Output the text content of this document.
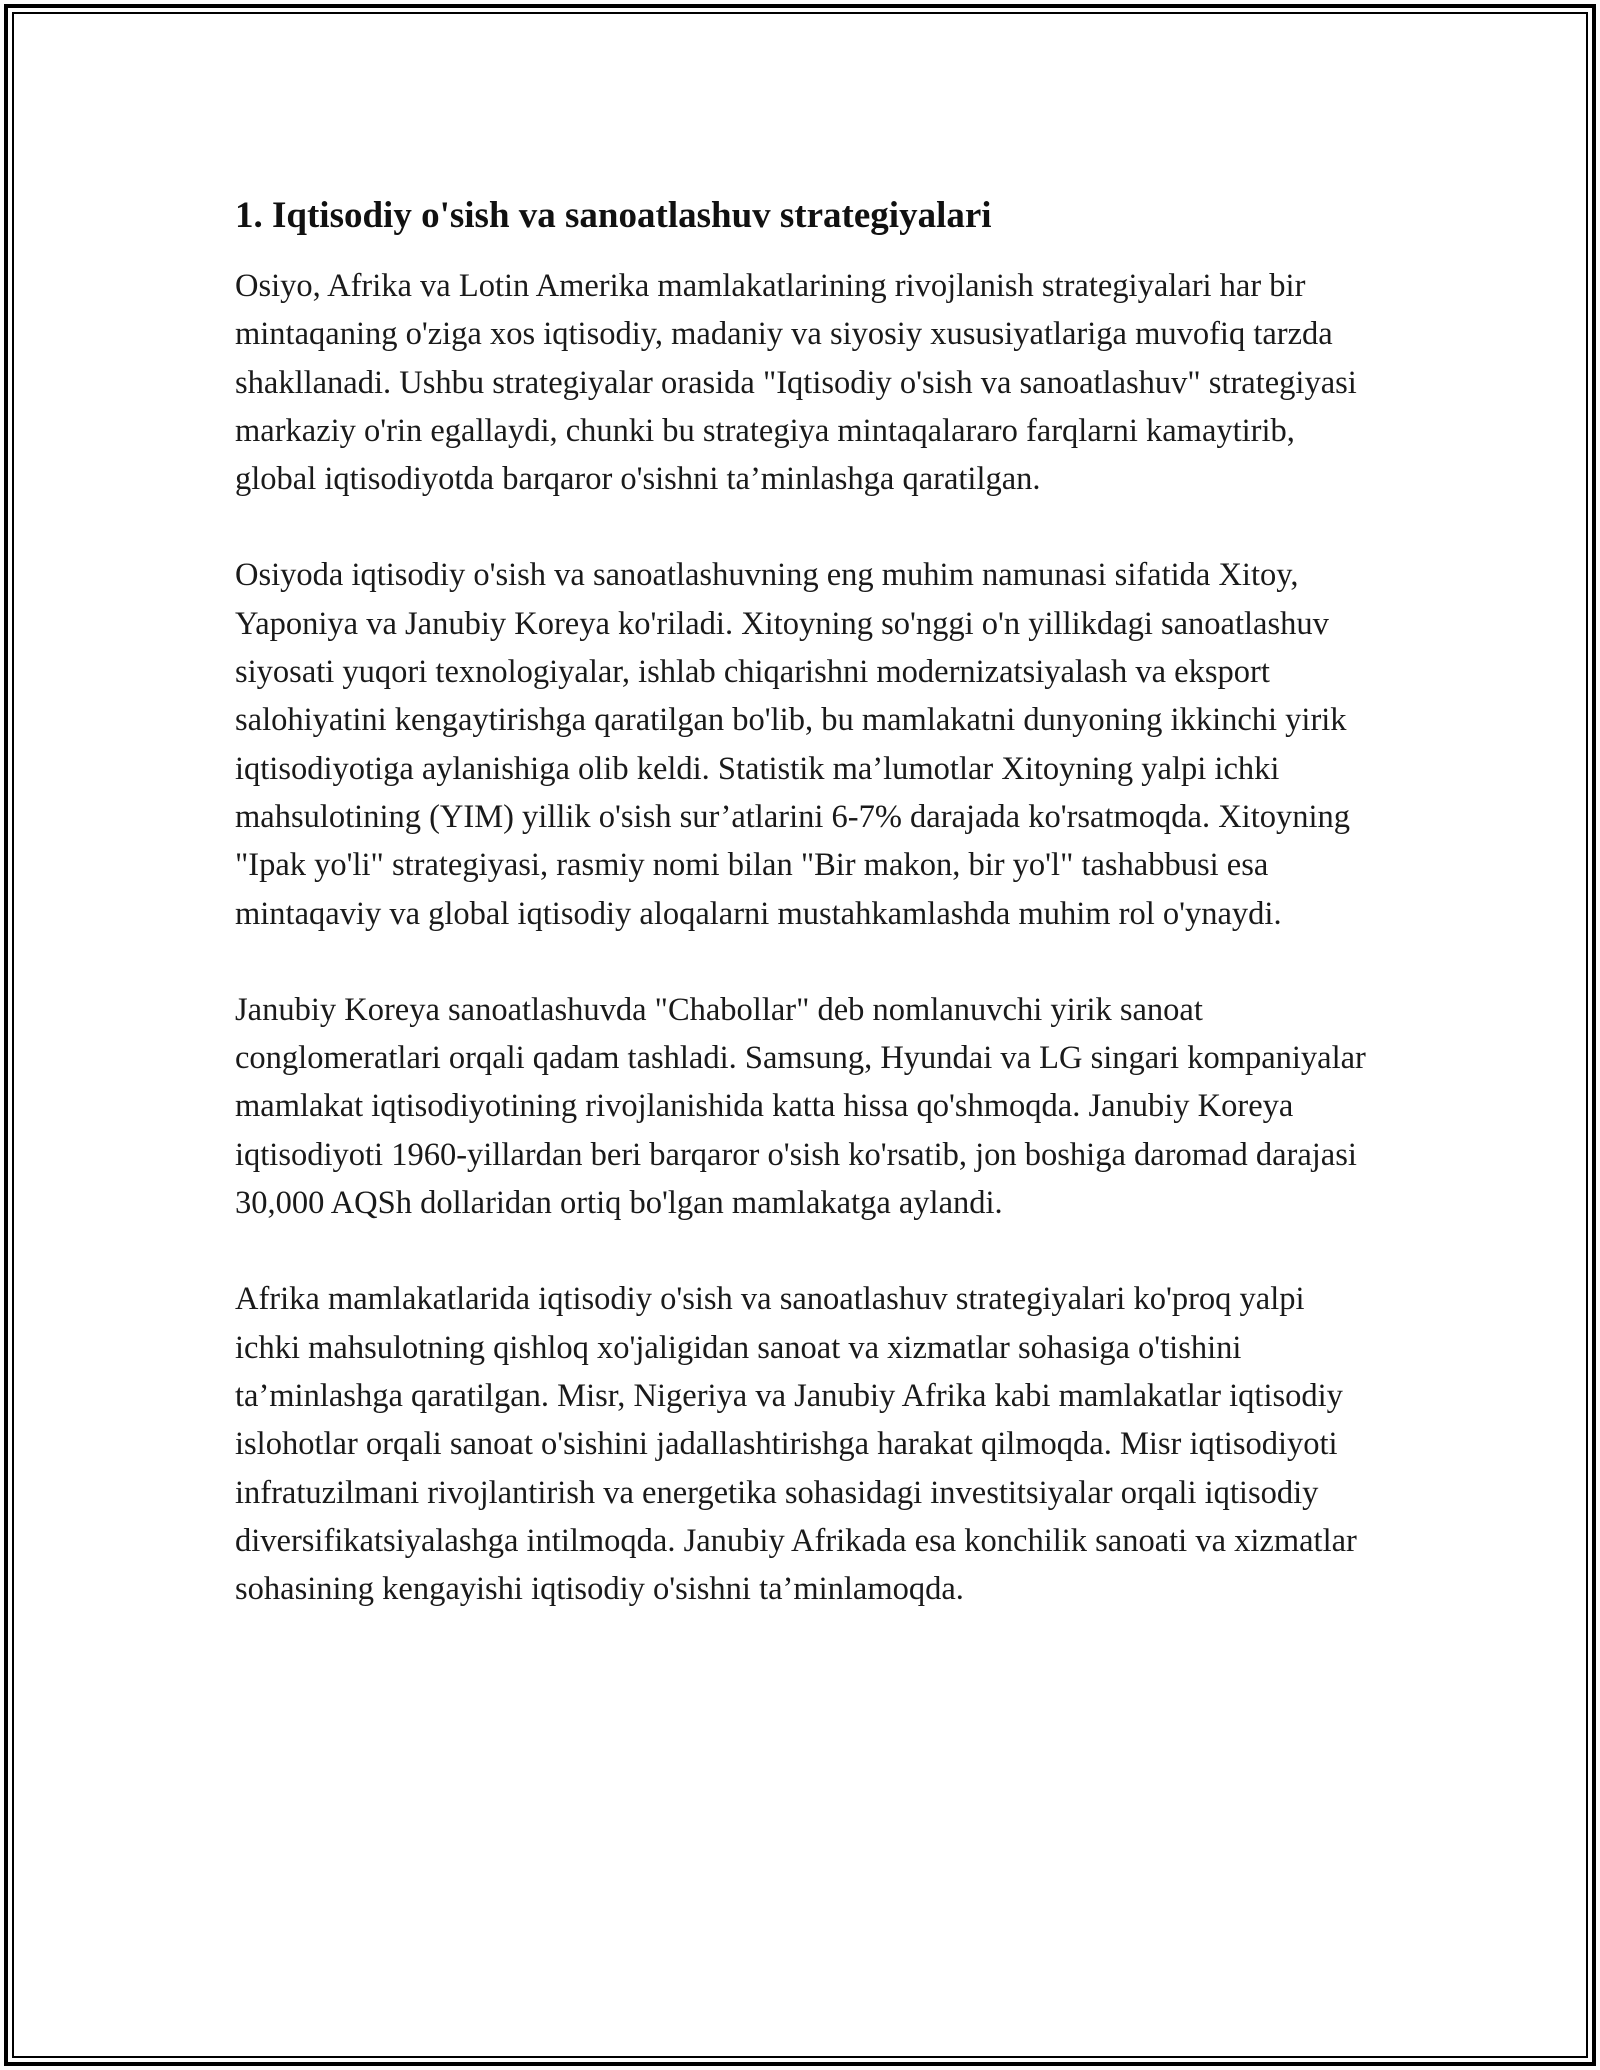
1. Iqtisodiy o'sish va sanoatlashuv strategiyalari

Osiyo, Afrika va Lotin Amerika mamlakatlarining rivojlanish strategiyalari har bir mintaqaning o'ziga xos iqtisodiy, madaniy va siyosiy xususiyatlariga muvofiq tarzda shakllanadi. Ushbu strategiyalar orasida "Iqtisodiy o'sish va sanoatlashuv" strategiyasi markaziy o'rin egallaydi, chunki bu strategiya mintaqalararo farqlarni kamaytirib, global iqtisodiyotda barqaror o'sishni ta’minlashga qaratilgan.

Osiyoda iqtisodiy o'sish va sanoatlashuvning eng muhim namunasi sifatida Xitoy, Yaponiya va Janubiy Koreya ko'riladi. Xitoyning so'nggi o'n yillikdagi sanoatlashuv siyosati yuqori texnologiyalar, ishlab chiqarishni modernizatsiyalash va eksport salohiyatini kengaytirishga qaratilgan bo'lib, bu mamlakatni dunyoning ikkinchi yirik iqtisodiyotiga aylanishiga olib keldi. Statistik ma’lumotlar Xitoyning yalpi ichki mahsulotining (YIM) yillik o'sish sur’atlarini 6-7% darajada ko'rsatmoqda. Xitoyning "Ipak yo'li" strategiyasi, rasmiy nomi bilan "Bir makon, bir yo'l" tashabbusi esa mintaqaviy va global iqtisodiy aloqalarni mustahkamlashda muhim rol o'ynaydi.

Janubiy Koreya sanoatlashuvda "Chabollar" deb nomlanuvchi yirik sanoat conglomeratlari orqali qadam tashladi. Samsung, Hyundai va LG singari kompaniyalar mamlakat iqtisodiyotining rivojlanishida katta hissa qo'shmoqda. Janubiy Koreya iqtisodiyoti 1960-yillardan beri barqaror o'sish ko'rsatib, jon boshiga daromad darajasi 30,000 AQSh dollaridan ortiq bo'lgan mamlakatga aylandi.

Afrika mamlakatlarida iqtisodiy o'sish va sanoatlashuv strategiyalari ko'proq yalpi ichki mahsulotning qishloq xo'jaligidan sanoat va xizmatlar sohasiga o'tishini ta’minlashga qaratilgan. Misr, Nigeriya va Janubiy Afrika kabi mamlakatlar iqtisodiy islohotlar orqali sanoat o'sishini jadallashtirishga harakat qilmoqda. Misr iqtisodiyoti infratuzilmani rivojlantirish va energetika sohasidagi investitsiyalar orqali iqtisodiy diversifikatsiyalashga intilmoqda. Janubiy Afrikada esa konchilik sanoati va xizmatlar sohasining kengayishi iqtisodiy o'sishni ta’minlamoqda.
